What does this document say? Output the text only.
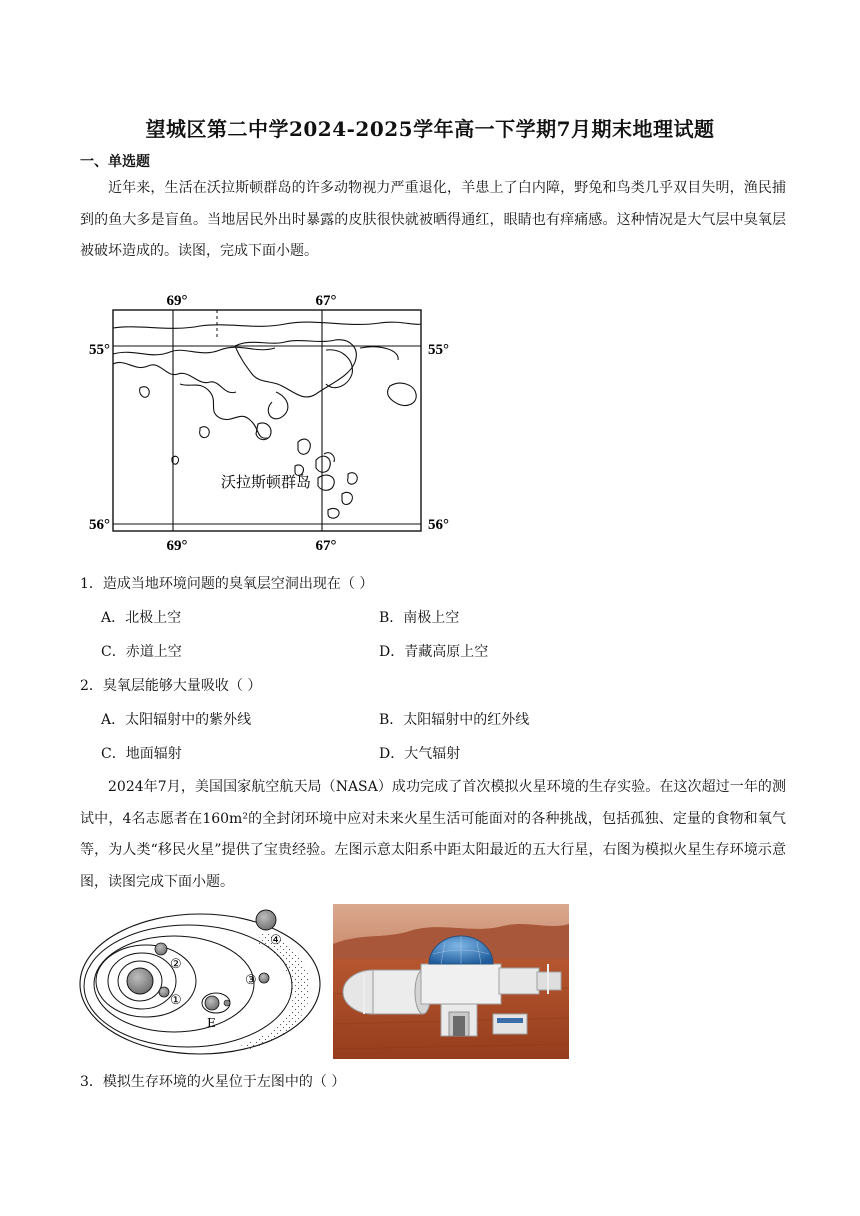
望城区第二中学2024-2025学年高一下学期7月期末地理试题
一、单选题
近年来，生活在沃拉斯顿群岛的许多动物视力严重退化，羊患上了白内障，野兔和鸟类几乎双目失明，渔民捕到的鱼大多是盲鱼。当地居民外出时暴露的皮肤很快就被晒得通红，眼睛也有痒痛感。这种情况是大气层中臭氧层被破坏造成的。读图，完成下面小题。
55°	55°
56°	56°
69°	67°
69°	67°
沃拉斯顿群岛
1．造成当地环境问题的臭氧层空洞出现在（ ）
A．北极上空	B．南极上空
C．赤道上空	D．青藏高原上空
2．臭氧层能够大量吸收（ ）
A．太阳辐射中的紫外线	B．太阳辐射中的红外线
C．地面辐射	D．大气辐射
2024年7月，美国国家航空航天局（NASA）成功完成了首次模拟火星环境的生存实验。在这次超过一年的测试中，4名志愿者在160m²的全封闭环境中应对未来火星生活可能面对的各种挑战，包括孤独、定量的食物和氧气等，为人类“移民火星”提供了宝贵经验。左图示意太阳系中距太阳最近的五大行星，右图为模拟火星生存环境示意图，读图完成下面小题。
②
①
③
④
E
3．模拟生存环境的火星位于左图中的（ ）
